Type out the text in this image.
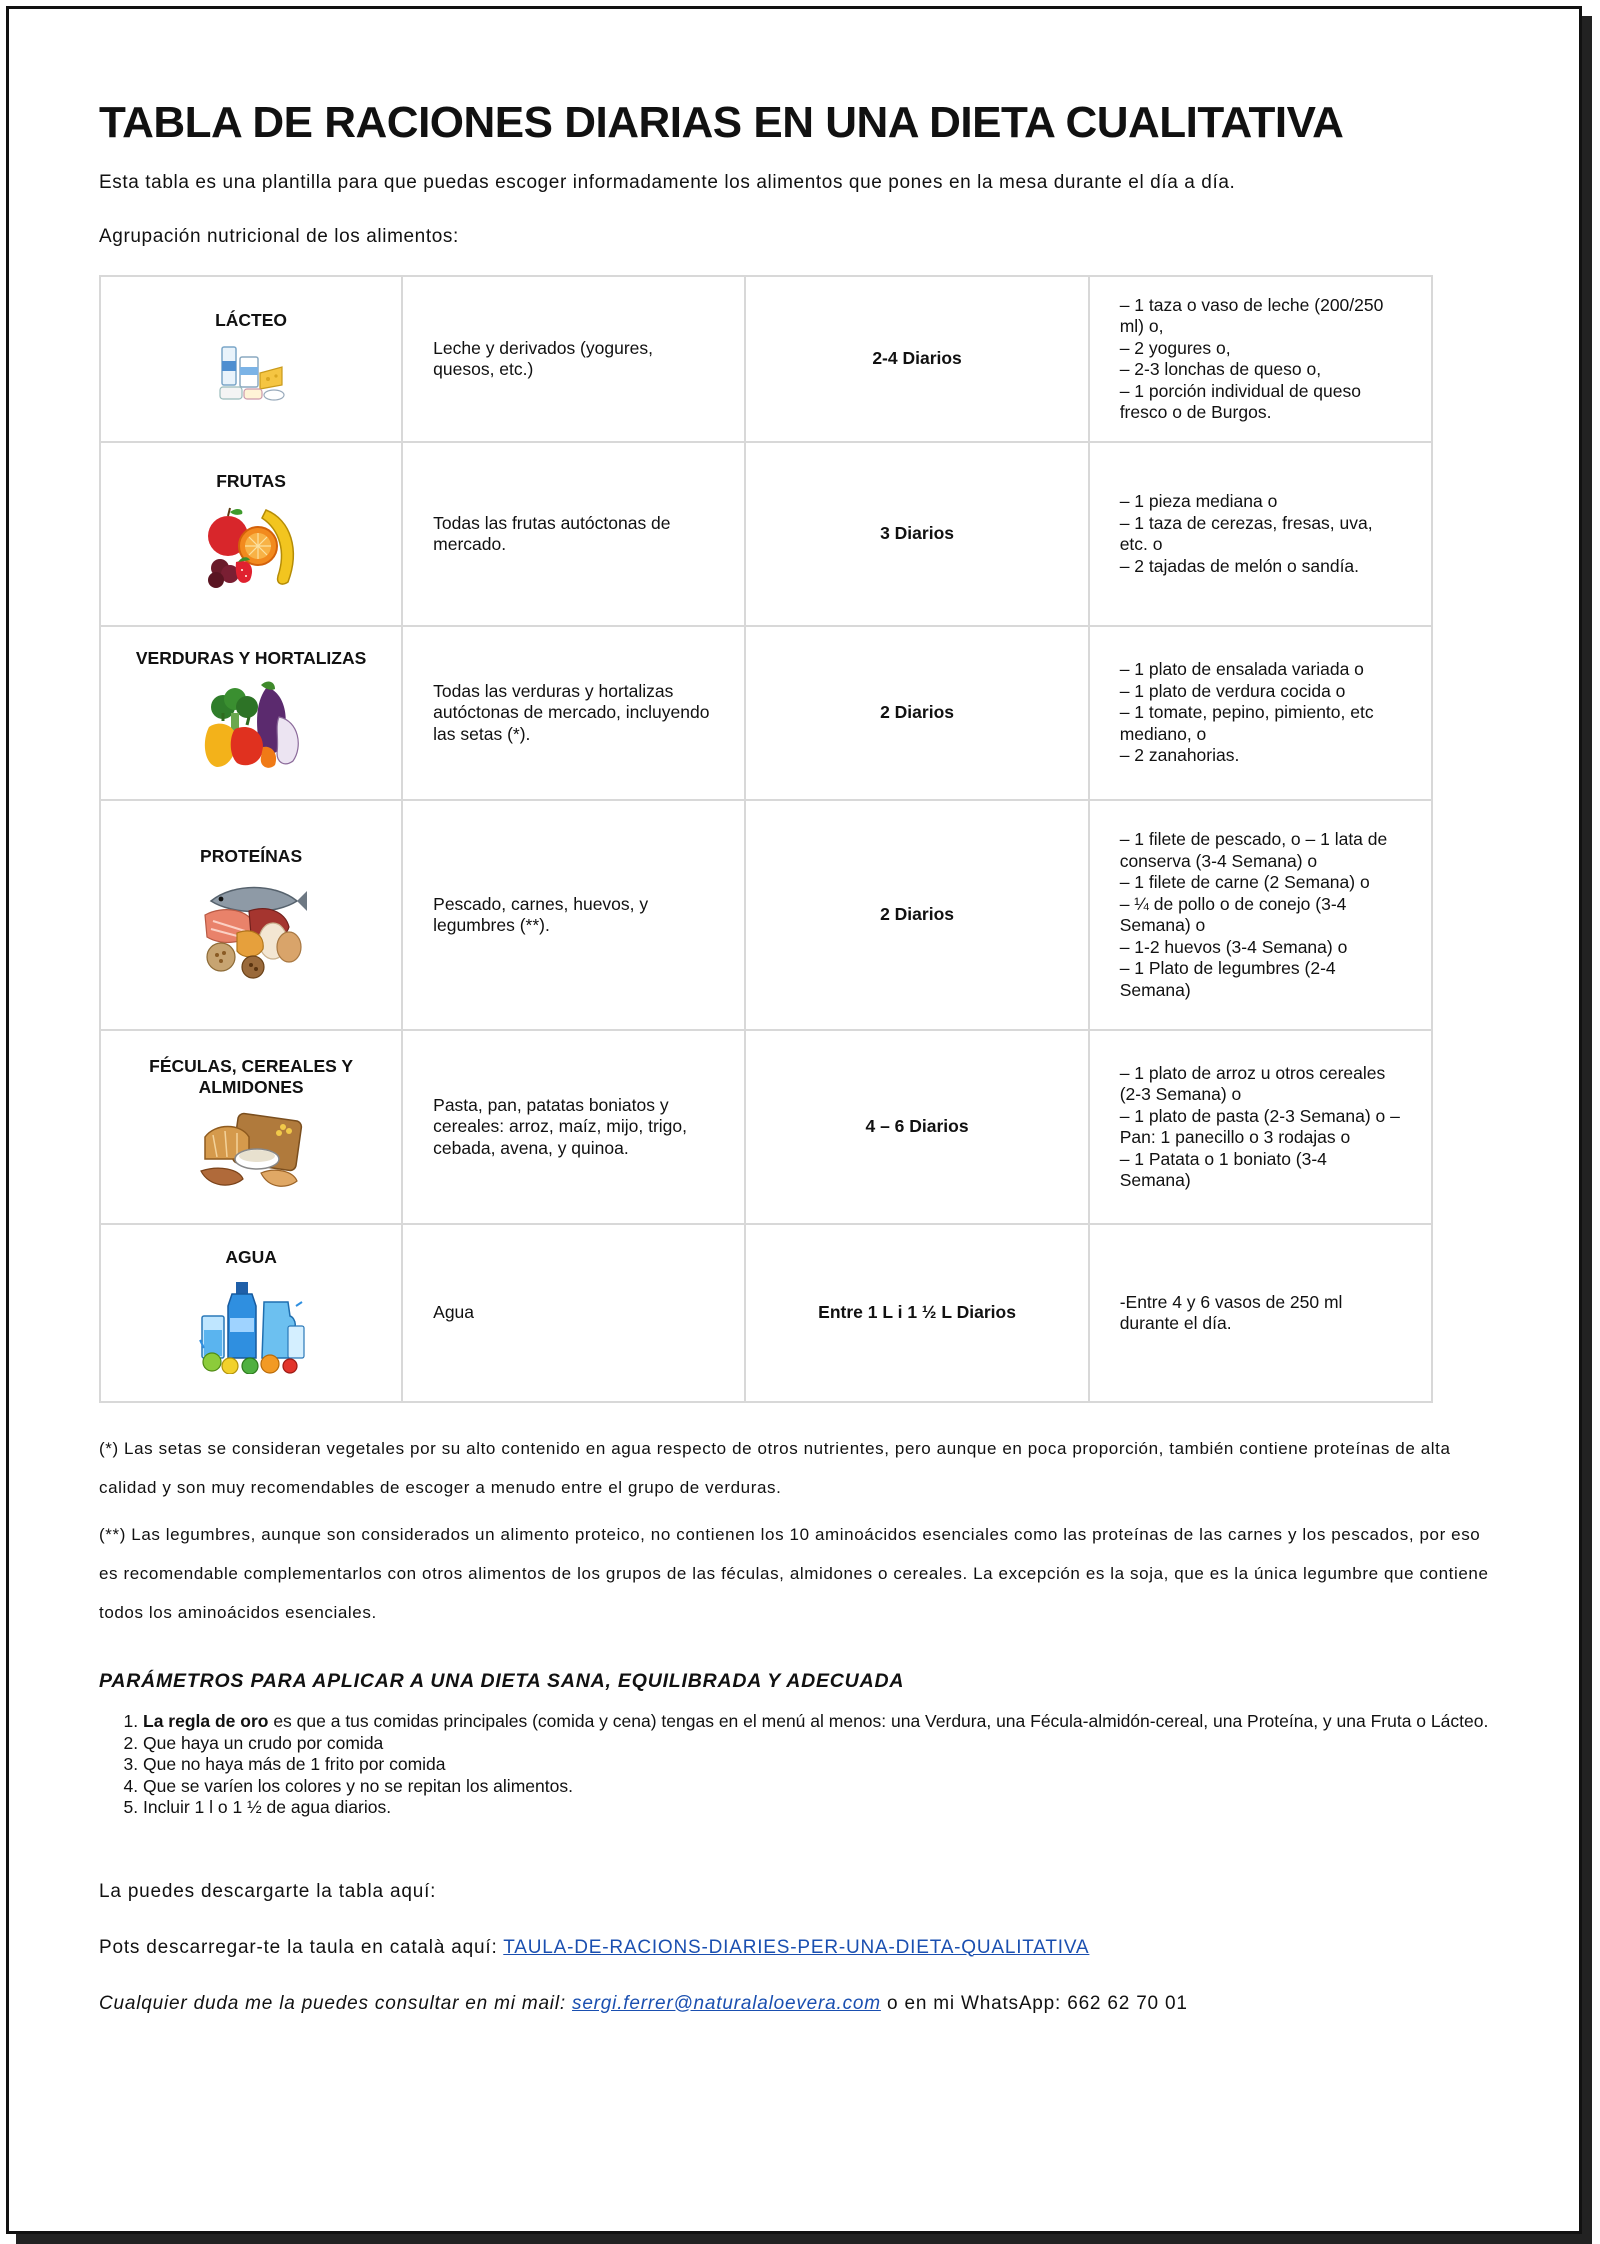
TABLA DE RACIONES DIARIAS EN UNA DIETA CUALITATIVA
Esta tabla es una plantilla para que puedas escoger informadamente los alimentos que pones en la mesa durante el día a día.
Agrupación nutricional de los alimentos:
LÁCTEO	Leche y derivados (yogures, quesos, etc.)	2-4 Diarios	– 1 taza o vaso de leche (200/250 ml) o,
– 2 yogures o,
– 2-3 lonchas de queso o,
– 1 porción individual de queso fresco o de Burgos.

FRUTAS	Todas las frutas autóctonas de mercado.	3 Diarios	– 1 pieza mediana o
– 1 taza de cerezas, fresas, uva, etc. o
– 2 tajadas de melón o sandía.

VERDURAS Y HORTALIZAS	Todas las verduras y hortalizas autóctonas de mercado, incluyendo las setas (*).	2 Diarios	– 1 plato de ensalada variada o
– 1 plato de verdura cocida o
– 1 tomate, pepino, pimiento, etc mediano, o
– 2 zanahorias.

PROTEÍNAS	Pescado, carnes, huevos, y legumbres (**).	2 Diarios	– 1 filete de pescado, o – 1 lata de conserva (3-4 Semana) o
– 1 filete de carne (2 Semana) o
– ¼ de pollo o de conejo (3-4 Semana) o
– 1-2 huevos (3-4 Semana) o
– 1 Plato de legumbres (2-4 Semana)

FÉCULAS, CEREALES Y ALMIDONES	Pasta, pan, patatas boniatos y cereales: arroz, maíz, mijo, trigo, cebada, avena, y quinoa.	4 – 6 Diarios	– 1 plato de arroz u otros cereales (2-3 Semana) o
– 1 plato de pasta (2-3 Semana) o – Pan: 1 panecillo o 3 rodajas o
– 1 Patata o 1 boniato (3-4 Semana)

AGUA	Agua	Entre 1 L i 1 ½ L Diarios	-Entre 4 y 6 vasos de 250 ml durante el día.

(*) Las setas se consideran vegetales por su alto contenido en agua respecto de otros nutrientes, pero aunque en poca proporción, también contiene proteínas de alta calidad y son muy recomendables de escoger a menudo entre el grupo de verduras.

(**) Las legumbres, aunque son considerados un alimento proteico, no contienen los 10 aminoácidos esenciales como las proteínas de las carnes y los pescados, por eso es recomendable complementarlos con otros alimentos de los grupos de las féculas, almidones o cereales. La excepción es la soja, que es la única legumbre que contiene todos los aminoácidos esenciales.

PARÁMETROS PARA APLICAR A UNA DIETA SANA, EQUILIBRADA Y ADECUADA
1. La regla de oro es que a tus comidas principales (comida y cena) tengas en el menú al menos: una Verdura, una Fécula-almidón-cereal, una Proteína, y una Fruta o Lácteo.
2. Que haya un crudo por comida
3. Que no haya más de 1 frito por comida
4. Que se varíen los colores y no se repitan los alimentos.
5. Incluir 1 l o 1 ½ de agua diarios.

La puedes descargarte la tabla aquí:

Pots descarregar-te la taula en català aquí: TAULA-DE-RACIONS-DIARIES-PER-UNA-DIETA-QUALITATIVA

Cualquier duda me la puedes consultar en mi mail: sergi.ferrer@naturalaloevera.com o en mi WhatsApp: 662 62 70 01
